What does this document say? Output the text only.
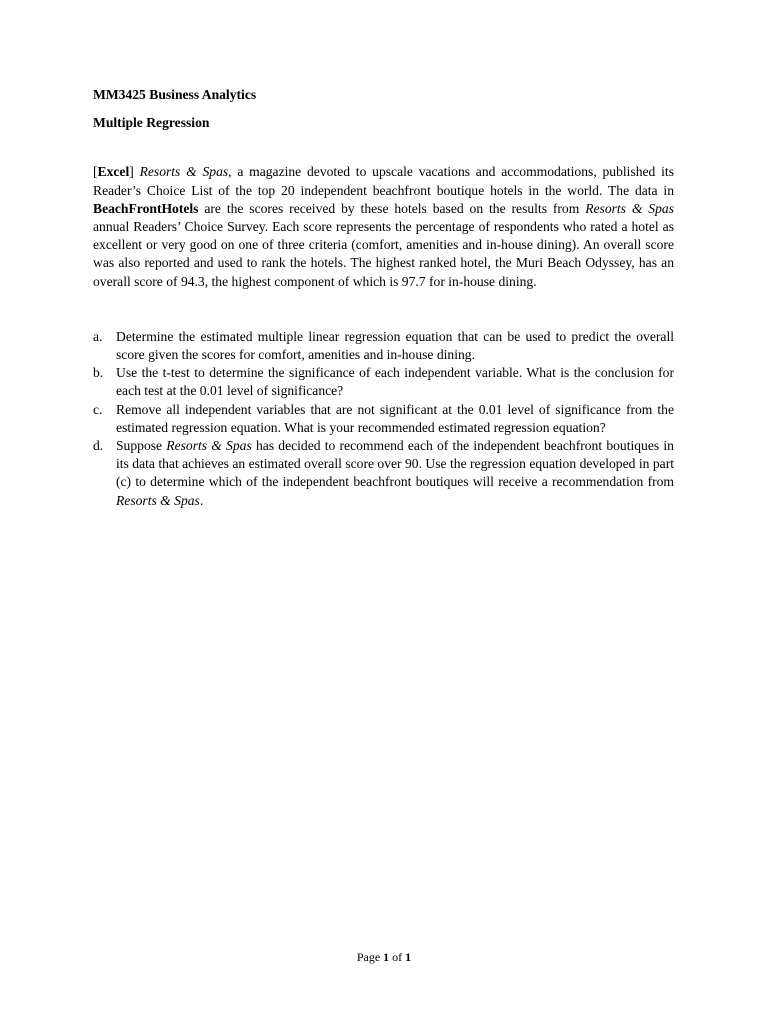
MM3425 Business Analytics

Multiple Regression

[Excel] Resorts & Spas, a magazine devoted to upscale vacations and accommodations, published its Reader’s Choice List of the top 20 independent beachfront boutique hotels in the world. The data in BeachFrontHotels are the scores received by these hotels based on the results from Resorts & Spas annual Readers’ Choice Survey. Each score represents the percentage of respondents who rated a hotel as excellent or very good on one of three criteria (comfort, amenities and in-house dining). An overall score was also reported and used to rank the hotels. The highest ranked hotel, the Muri Beach Odyssey, has an overall score of 94.3, the highest component of which is 97.7 for in-house dining.

a. Determine the estimated multiple linear regression equation that can be used to predict the overall score given the scores for comfort, amenities and in-house dining.
b. Use the t-test to determine the significance of each independent variable. What is the conclusion for each test at the 0.01 level of significance?
c. Remove all independent variables that are not significant at the 0.01 level of significance from the estimated regression equation. What is your recommended estimated regression equation?
d. Suppose Resorts & Spas has decided to recommend each of the independent beachfront boutiques in its data that achieves an estimated overall score over 90. Use the regression equation developed in part (c) to determine which of the independent beachfront boutiques will receive a recommendation from Resorts & Spas.
Page 1 of 1
